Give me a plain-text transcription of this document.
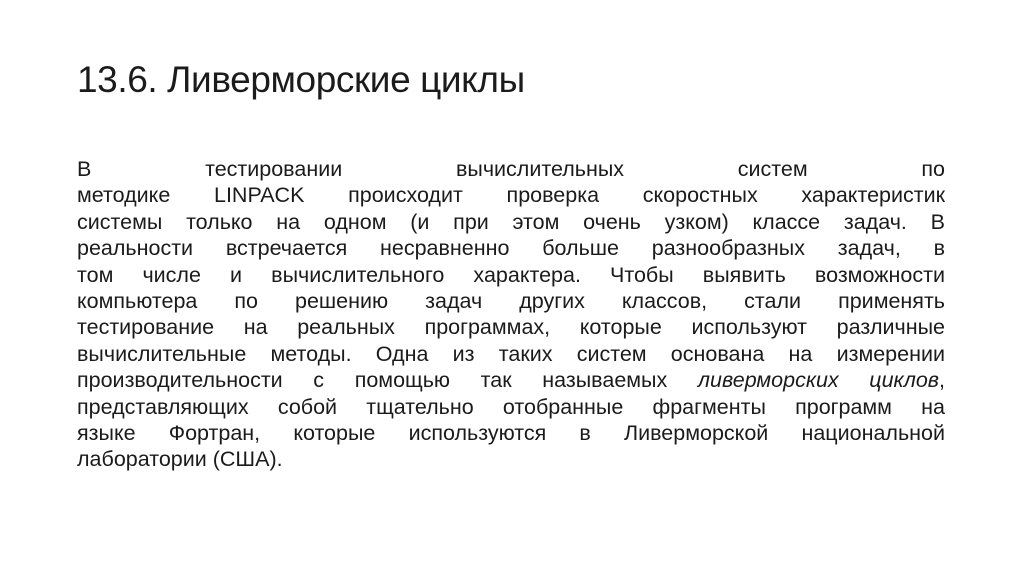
13.6. Ливерморские циклы
В тестировании вычислительных систем по
методике LINPACK происходит проверка скоростных характеристик
системы только на одном (и при этом очень узком) классе задач. В
реальности встречается несравненно больше разнообразных задач, в
том числе и вычислительного характера. Чтобы выявить возможности
компьютера по решению задач других классов, стали применять
тестирование на реальных программах, которые используют различные
вычислительные методы. Одна из таких систем основана на измерении
производительности с помощью так называемых ливерморских циклов,
представляющих собой тщательно отобранные фрагменты программ на
языке Фортран, которые используются в Ливерморской национальной
лаборатории (США).
